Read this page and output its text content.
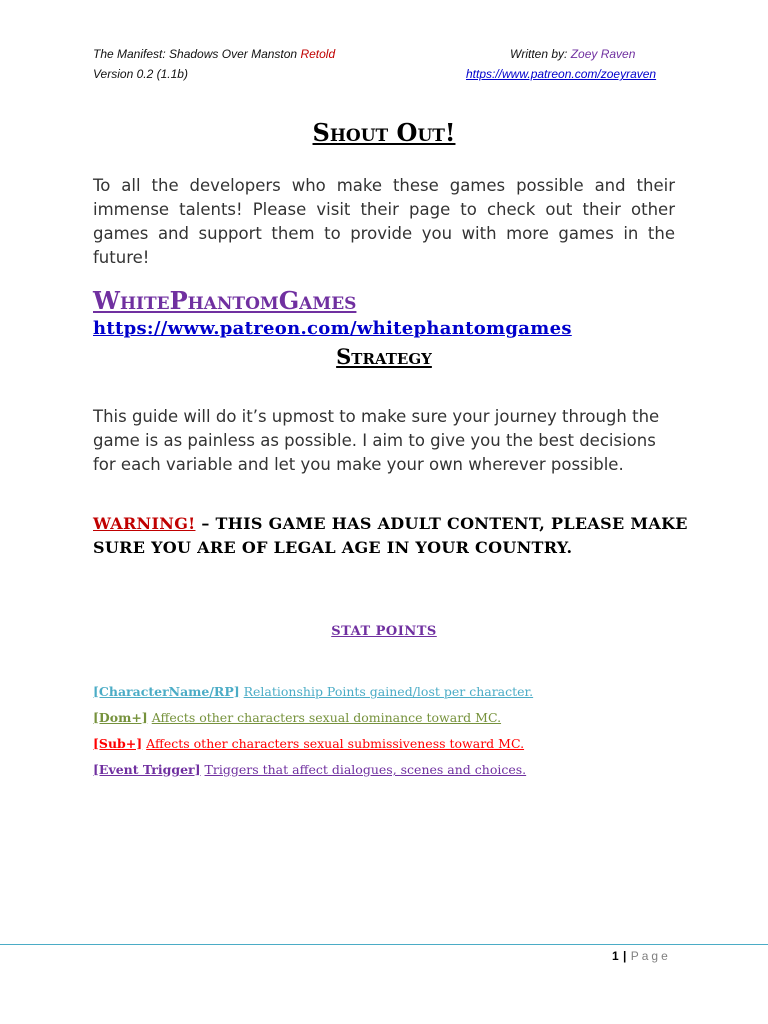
The Manifest: Shadows Over Manston Retold
Version 0.2 (1.1b)
Written by: Zoey Raven
https://www.patreon.com/zoeyraven
Shout Out!
To all the developers who make these games possible and their immense talents! Please visit their page to check out their other games and support them to provide you with more games in the future!
WhitePhantomGames
https://www.patreon.com/whitephantomgames
Strategy
This guide will do it’s upmost to make sure your journey through the game is as painless as possible. I aim to give you the best decisions for each variable and let you make your own wherever possible.
WARNING! – THIS GAME HAS ADULT CONTENT, PLEASE MAKE SURE YOU ARE OF LEGAL AGE IN YOUR COUNTRY.
STAT POINTS
[CharacterName/RP] Relationship Points gained/lost per character.
[Dom+] Affects other characters sexual dominance toward MC.
[Sub+] Affects other characters sexual submissiveness toward MC.
[Event Trigger] Triggers that affect dialogues, scenes and choices.
1 | Page
